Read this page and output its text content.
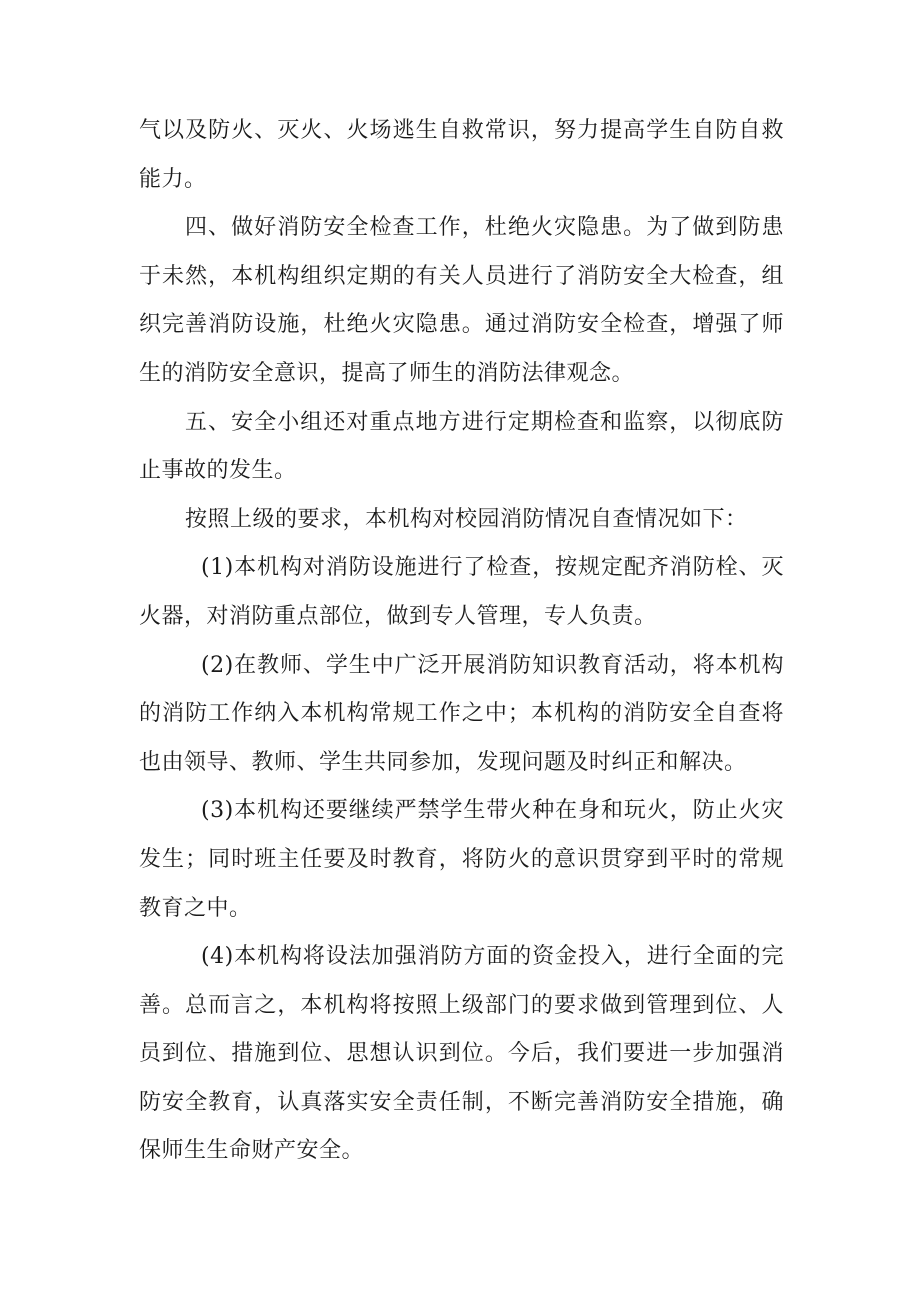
气以及防火、灭火、火场逃生自救常识，努力提高学生自防自救能力。

四、做好消防安全检查工作，杜绝火灾隐患。为了做到防患于未然，本机构组织定期的有关人员进行了消防安全大检查，组织完善消防设施，杜绝火灾隐患。通过消防安全检查，增强了师生的消防安全意识，提高了师生的消防法律观念。

五、安全小组还对重点地方进行定期检查和监察，以彻底防止事故的发生。

按照上级的要求，本机构对校园消防情况自查情况如下：

(1)本机构对消防设施进行了检查，按规定配齐消防栓、灭火器，对消防重点部位，做到专人管理，专人负责。

(2)在教师、学生中广泛开展消防知识教育活动，将本机构的消防工作纳入本机构常规工作之中；本机构的消防安全自查将也由领导、教师、学生共同参加，发现问题及时纠正和解决。

(3)本机构还要继续严禁学生带火种在身和玩火，防止火灾发生；同时班主任要及时教育，将防火的意识贯穿到平时的常规教育之中。

(4)本机构将设法加强消防方面的资金投入，进行全面的完善。总而言之，本机构将按照上级部门的要求做到管理到位、人员到位、措施到位、思想认识到位。今后，我们要进一步加强消防安全教育，认真落实安全责任制，不断完善消防安全措施，确保师生生命财产安全。
